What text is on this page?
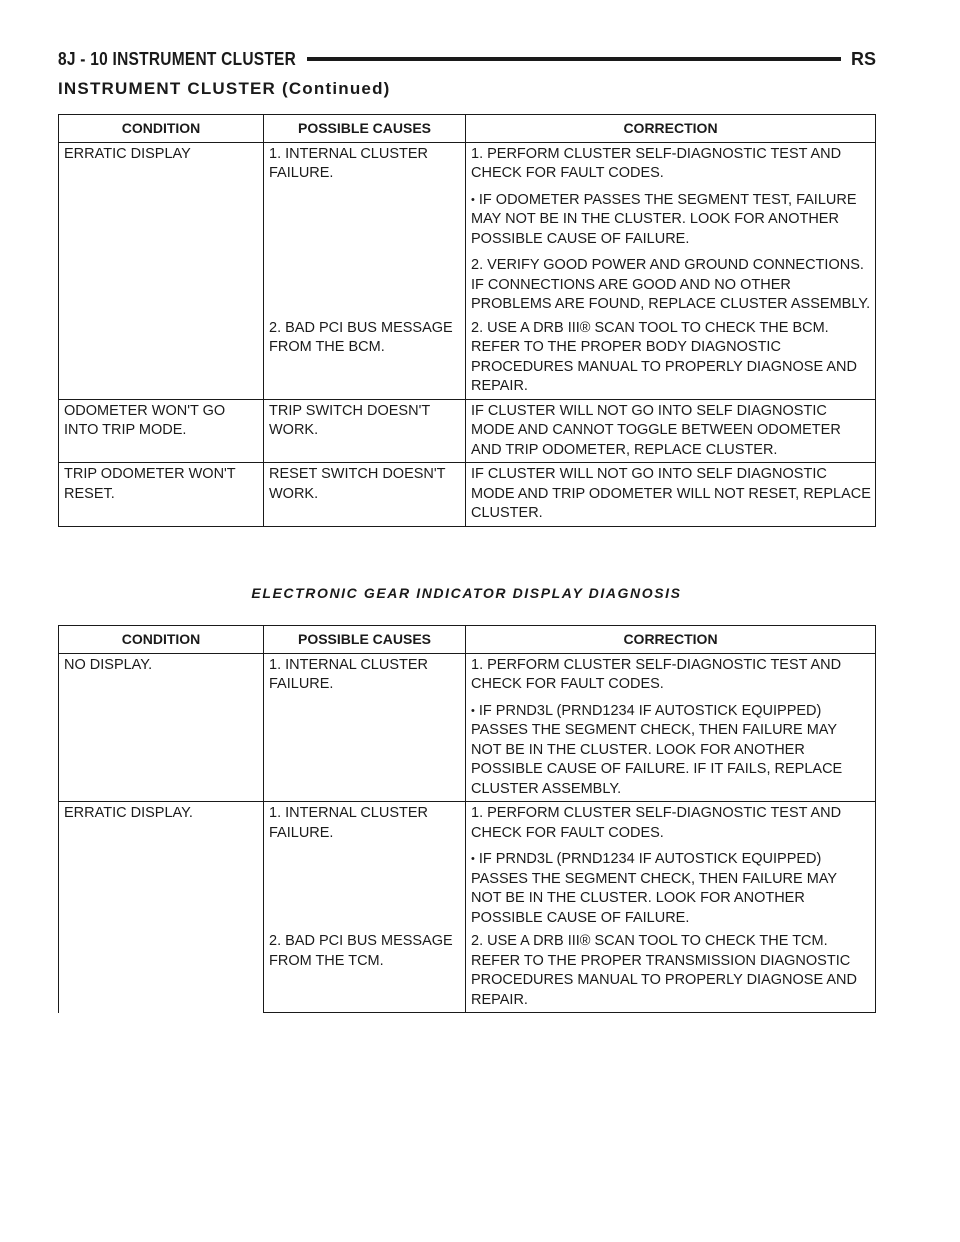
8J - 10 INSTRUMENT CLUSTER	RS
INSTRUMENT CLUSTER (Continued)
CONDITION	POSSIBLE CAUSES	CORRECTION
ERRATIC DISPLAY	1. INTERNAL CLUSTER FAILURE.	1. PERFORM CLUSTER SELF-DIAGNOSTIC TEST AND CHECK FOR FAULT CODES.
• IF ODOMETER PASSES THE SEGMENT TEST, FAILURE MAY NOT BE IN THE CLUSTER. LOOK FOR ANOTHER POSSIBLE CAUSE OF FAILURE.
2. VERIFY GOOD POWER AND GROUND CONNECTIONS. IF CONNECTIONS ARE GOOD AND NO OTHER PROBLEMS ARE FOUND, REPLACE CLUSTER ASSEMBLY.

	2. BAD PCI BUS MESSAGE FROM THE BCM.	2. USE A DRB III® SCAN TOOL TO CHECK THE BCM. REFER TO THE PROPER BODY DIAGNOSTIC PROCEDURES MANUAL TO PROPERLY DIAGNOSE AND REPAIR.
ODOMETER WON'T GO INTO TRIP MODE.	TRIP SWITCH DOESN'T WORK.	IF CLUSTER WILL NOT GO INTO SELF DIAGNOSTIC MODE AND CANNOT TOGGLE BETWEEN ODOMETER AND TRIP ODOMETER, REPLACE CLUSTER.
TRIP ODOMETER WON'T RESET.	RESET SWITCH DOESN'T WORK.	IF CLUSTER WILL NOT GO INTO SELF DIAGNOSTIC MODE AND TRIP ODOMETER WILL NOT RESET, REPLACE CLUSTER.
ELECTRONIC GEAR INDICATOR DISPLAY DIAGNOSIS
CONDITION	POSSIBLE CAUSES	CORRECTION
NO DISPLAY.	1. INTERNAL CLUSTER FAILURE.	1. PERFORM CLUSTER SELF-DIAGNOSTIC TEST AND CHECK FOR FAULT CODES.
• IF PRND3L (PRND1234 IF AUTOSTICK EQUIPPED) PASSES THE SEGMENT CHECK, THEN FAILURE MAY NOT BE IN THE CLUSTER. LOOK FOR ANOTHER POSSIBLE CAUSE OF FAILURE. IF IT FAILS, REPLACE CLUSTER ASSEMBLY.

ERRATIC DISPLAY.	1. INTERNAL CLUSTER FAILURE.	1. PERFORM CLUSTER SELF-DIAGNOSTIC TEST AND CHECK FOR FAULT CODES.
• IF PRND3L (PRND1234 IF AUTOSTICK EQUIPPED) PASSES THE SEGMENT CHECK, THEN FAILURE MAY NOT BE IN THE CLUSTER. LOOK FOR ANOTHER POSSIBLE CAUSE OF FAILURE.

	2. BAD PCI BUS MESSAGE FROM THE TCM.	2. USE A DRB III® SCAN TOOL TO CHECK THE TCM. REFER TO THE PROPER TRANSMISSION DIAGNOSTIC PROCEDURES MANUAL TO PROPERLY DIAGNOSE AND REPAIR.
